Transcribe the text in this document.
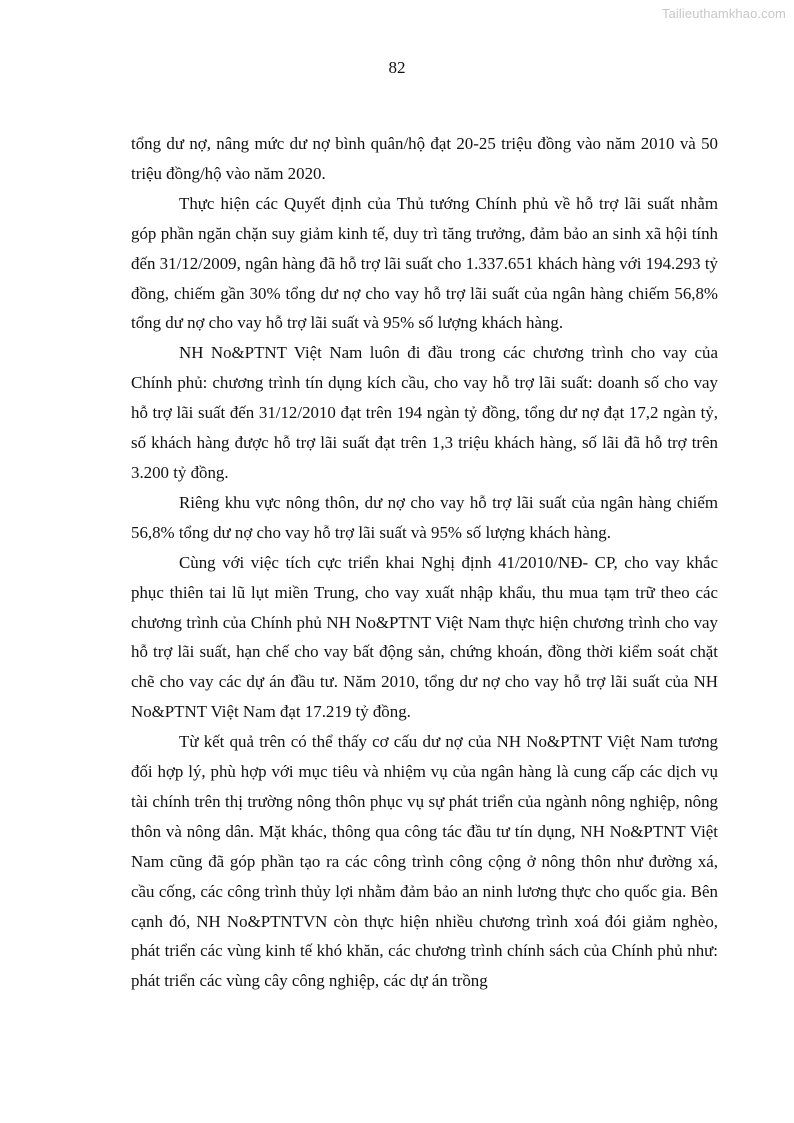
Tailieuthamkhao.com
82

tổng dư nợ, nâng mức dư nợ bình quân/hộ đạt 20-25 triệu đồng vào năm 2010 và 50 triệu đồng/hộ vào năm 2020.

Thực hiện các Quyết định của Thủ tướng Chính phủ về hỗ trợ lãi suất nhằm góp phần ngăn chặn suy giảm kinh tế, duy trì tăng trưởng, đảm bảo an sinh xã hội tính đến 31/12/2009, ngân hàng đã hỗ trợ lãi suất cho 1.337.651 khách hàng với 194.293 tỷ đồng, chiếm gần 30% tổng dư nợ cho vay hỗ trợ lãi suất của ngân hàng chiếm 56,8% tổng dư nợ cho vay hỗ trợ lãi suất và 95% số lượng khách hàng.

NH No&PTNT Việt Nam luôn đi đầu trong các chương trình cho vay của Chính phủ: chương trình tín dụng kích cầu, cho vay hỗ trợ lãi suất: doanh số cho vay hỗ trợ lãi suất đến 31/12/2010 đạt trên 194 ngàn tỷ đồng, tổng dư nợ đạt 17,2 ngàn tỷ, số khách hàng được hỗ trợ lãi suất đạt trên 1,3 triệu khách hàng, số lãi đã hỗ trợ trên 3.200 tỷ đồng.

Riêng khu vực nông thôn, dư nợ cho vay hỗ trợ lãi suất của ngân hàng chiếm 56,8% tổng dư nợ cho vay hỗ trợ lãi suất và 95% số lượng khách hàng.

Cùng với việc tích cực triển khai Nghị định 41/2010/NĐ- CP, cho vay khắc phục thiên tai lũ lụt miền Trung, cho vay xuất nhập khẩu, thu mua tạm trữ theo các chương trình của Chính phủ NH No&PTNT Việt Nam thực hiện chương trình cho vay hỗ trợ lãi suất, hạn chế cho vay bất động sản, chứng khoán, đồng thời kiểm soát chặt chẽ cho vay các dự án đầu tư. Năm 2010, tổng dư nợ cho vay hỗ trợ lãi suất của NH No&PTNT Việt Nam đạt 17.219 tỷ đồng.

Từ kết quả trên có thể thấy cơ cấu dư nợ của NH No&PTNT Việt Nam tương đối hợp lý, phù hợp với mục tiêu và nhiệm vụ của ngân hàng là cung cấp các dịch vụ tài chính trên thị trường nông thôn phục vụ sự phát triển của ngành nông nghiệp, nông thôn và nông dân. Mặt khác, thông qua công tác đầu tư tín dụng, NH No&PTNT Việt Nam cũng đã góp phần tạo ra các công trình công cộng ở nông thôn như đường xá, cầu cống, các công trình thủy lợi nhằm đảm bảo an ninh lương thực cho quốc gia. Bên cạnh đó, NH No&PTNTVN còn thực hiện nhiều chương trình xoá đói giảm nghèo, phát triển các vùng kinh tế khó khăn, các chương trình chính sách của Chính phủ như: phát triển các vùng cây công nghiệp, các dự án trồng
